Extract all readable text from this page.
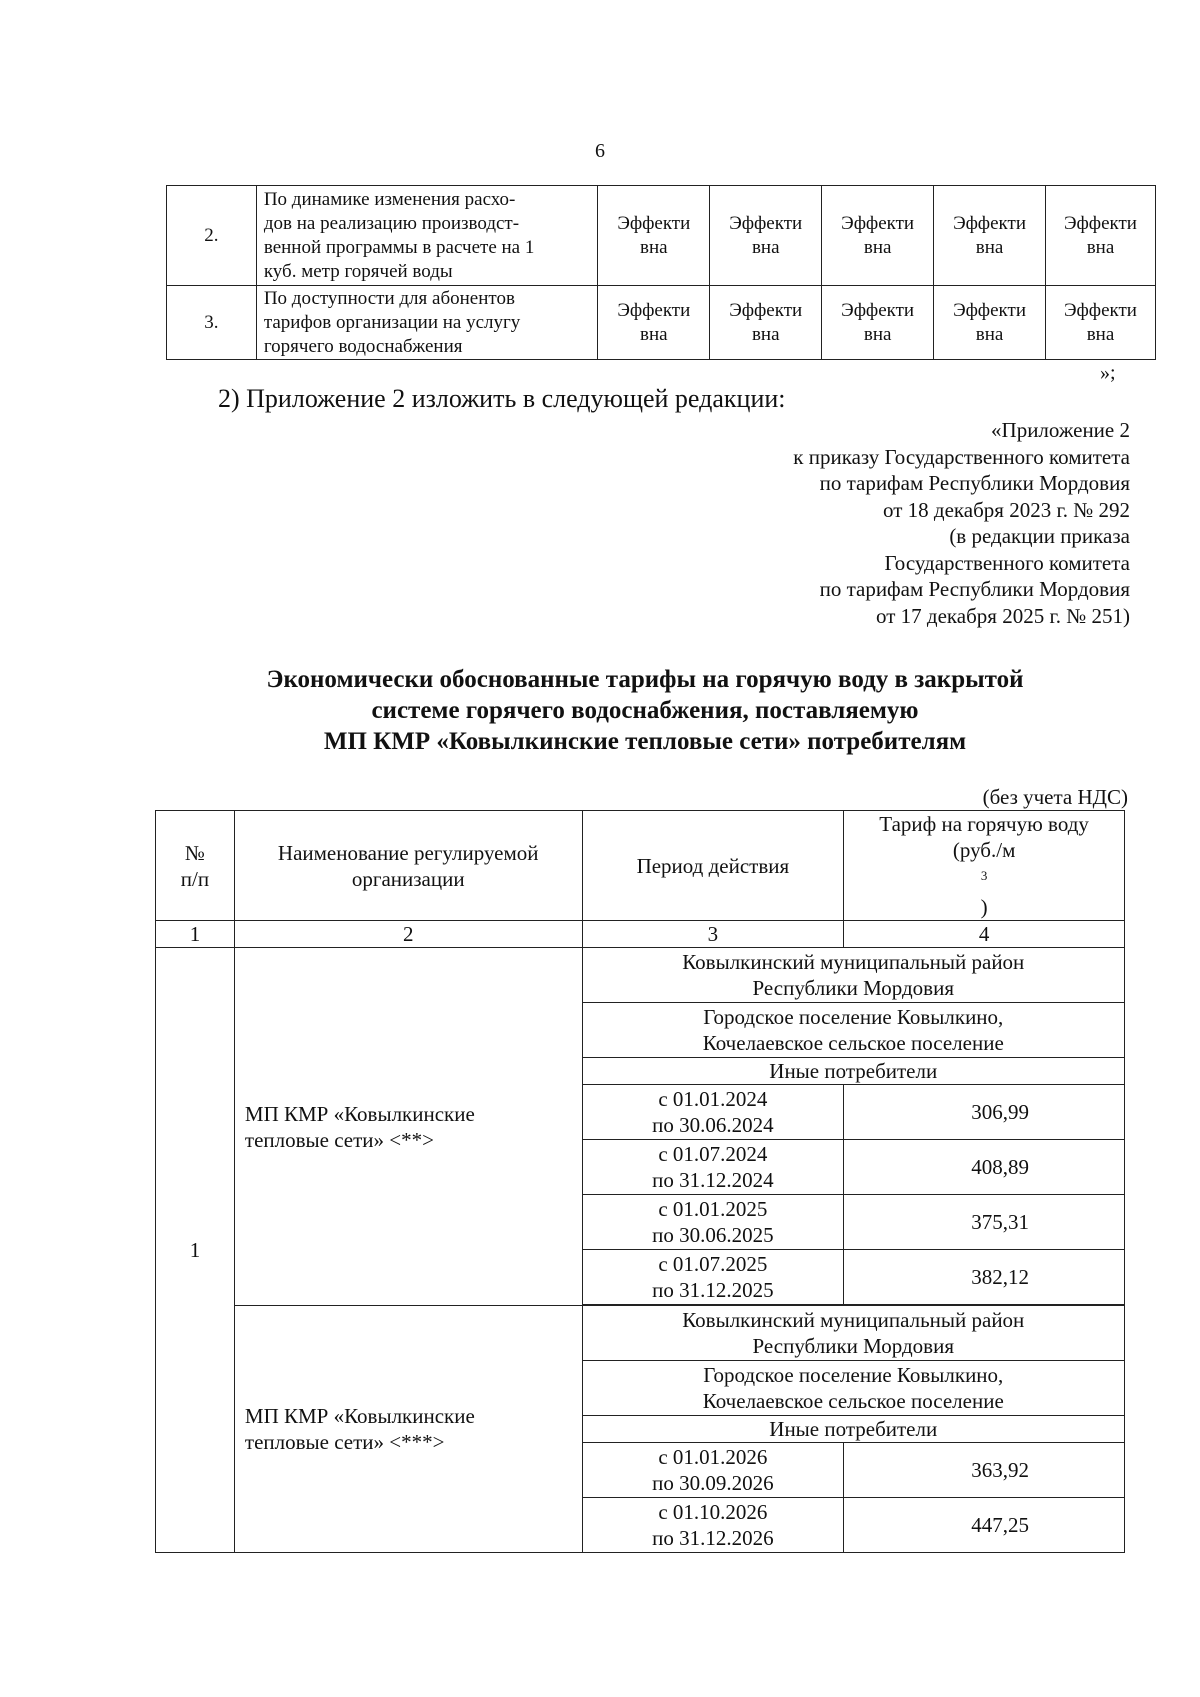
6
2.	По динамике изменения расхо-
дов на реализацию производст-
венной программы в расчете на 1
куб. метр горячей воды	Эффекти
вна	Эффекти
вна	Эффекти
вна	Эффекти
вна	Эффекти
вна

3.	По доступности для абонентов
тарифов организации на услугу
горячего водоснабжения	Эффекти
вна	Эффекти
вна	Эффекти
вна	Эффекти
вна	Эффекти
вна
»;
2) Приложение 2 изложить в следующей редакции:
«Приложение 2
к приказу Государственного комитета
по тарифам Республики Мордовия
от 18 декабря 2023 г. № 292
(в редакции приказа
Государственного комитета
по тарифам Республики Мордовия
от 17 декабря 2025 г. № 251)
Экономически обоснованные тарифы на горячую воду в закрытой
системе горячего водоснабжения, поставляемую
МП КМР «Ковылкинские тепловые сети» потребителям
(без учета НДС)
№
п/п	Наименование регулируемой
организации	Период действия	Тариф на горячую воду
(руб./м
$^3$
)

1	2	3	4
1	МП КМР «Ковылкинские
тепловые сети» <**>	Ковылкинский муниципальный район
Республики Мордовия	

		Городское поселение Ковылкино,
Кочелаевское сельское поселение	

		Иные потребители	

		с 01.01.2024
по 30.06.2024	306,99

		с 01.07.2024
по 31.12.2024	408,89

		с 01.01.2025
по 30.06.2025	375,31

		с 01.07.2025
по 31.12.2025	382,12

	МП КМР «Ковылкинские
тепловые сети» <***>	Ковылкинский муниципальный район
Республики Мордовия	

		Городское поселение Ковылкино,
Кочелаевское сельское поселение	

		Иные потребители	

		с 01.01.2026
по 30.09.2026	363,92

		с 01.10.2026
по 31.12.2026	447,25
